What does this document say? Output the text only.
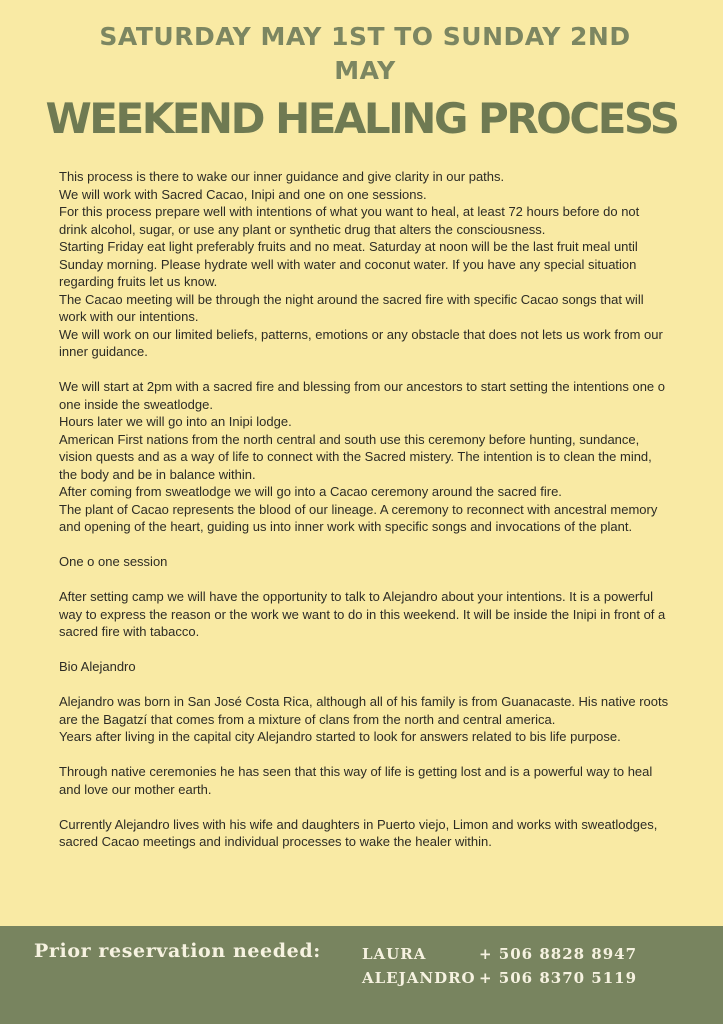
SATURDAY MAY 1ST TO SUNDAY 2ND MAY
WEEKEND HEALING PROCESS

This process is there to wake our inner guidance and give clarity in our paths.

We will work with Sacred Cacao, Inipi and one on one sessions.

For this process prepare well with intentions of what you want to heal, at least 72 hours before do not drink alcohol, sugar, or use any plant or synthetic drug that alters the consciousness.

Starting Friday eat light preferably fruits and no meat. Saturday at noon will be the last fruit meal until Sunday morning. Please hydrate well with water and coconut water. If you have any special situation regarding fruits let us know.

The Cacao meeting will be through the night around the sacred fire with specific Cacao songs that will work with our intentions.

We will work on our limited beliefs, patterns, emotions or any obstacle that does not lets us work from our inner guidance.

We will start at 2pm with a sacred fire and blessing from our ancestors to start setting the intentions one o one inside the sweatlodge.

Hours later we will go into an Inipi lodge.

American First nations from the north central and south use this ceremony before hunting, sundance, vision quests and as a way of life to connect with the Sacred mistery. The intention is to clean the mind, the body and be in balance within.

After coming from sweatlodge we will go into a Cacao ceremony around the sacred fire.

The plant of Cacao represents the blood of our lineage. A ceremony to reconnect with ancestral memory and opening of the heart, guiding us into inner work with specific songs and invocations of the plant.

One o one session

After setting camp we will have the opportunity to talk to Alejandro about your intentions. It is a powerful way to express the reason or the work we want to do in this weekend. It will be inside the Inipi in front of a sacred fire with tabacco.

Bio Alejandro

Alejandro was born in San José Costa Rica, although all of his family is from Guanacaste. His native roots are the Bagatzí that comes from a mixture of clans from the north and central america.

Years after living in the capital city Alejandro started to look for answers related to bis life purpose.

Through native ceremonies he has seen that this way of life is getting lost and is a powerful way to heal and love our mother earth.

Currently Alejandro lives with his wife and daughters in Puerto viejo, Limon and works with sweatlodges, sacred Cacao meetings and individual processes to wake the healer within.

Prior reservation needed:	LAURA	+ 506 8828 8947
ALEJANDRO + 506 8370 5119
